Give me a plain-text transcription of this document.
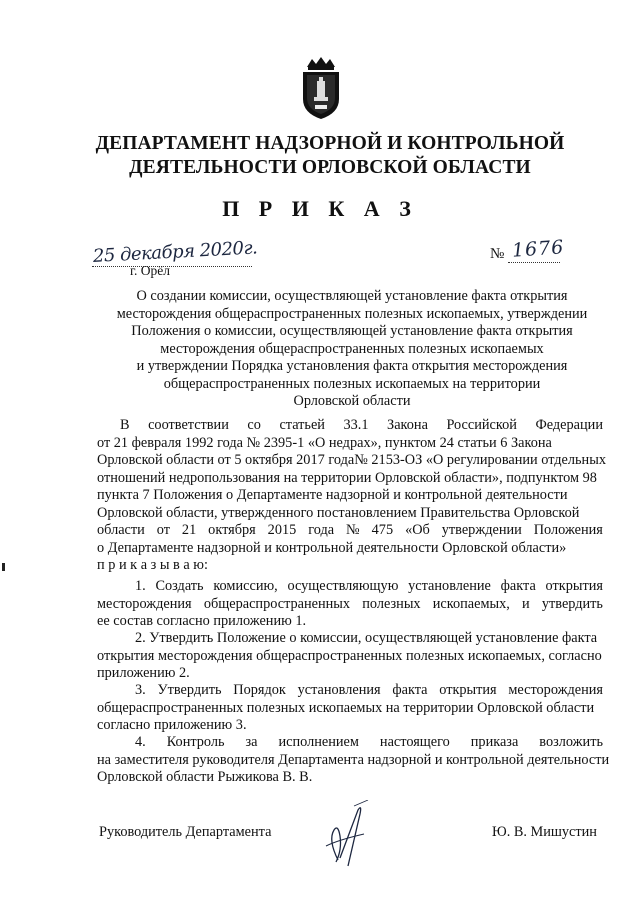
ДЕПАРТАМЕНТ НАДЗОРНОЙ И КОНТРОЛЬНОЙ
ДЕЯТЕЛЬНОСТИ ОРЛОВСКОЙ ОБЛАСТИ
П Р И К А З
25 декабря 2020г.
г. Орёл
№ 1676
О создании комиссии, осуществляющей установление факта открытия
месторождения общераспространенных полезных ископаемых, утверждении
Положения о комиссии, осуществляющей установление факта открытия
месторождения общераспространенных полезных ископаемых
и утверждении Порядка установления факта открытия месторождения
общераспространенных полезных ископаемых на территории
Орловской области
В соответствии со статьей 33.1 Закона Российской Федерации
от 21 февраля 1992 года № 2395-1 «О недрах», пунктом 24 статьи 6 Закона
Орловской области от 5 октября 2017 года№ 2153-ОЗ «О регулировании отдельных
отношений недропользования на территории Орловской области», подпунктом 98
пункта 7 Положения о Департаменте надзорной и контрольной деятельности
Орловской области, утвержденного постановлением Правительства Орловской
области от 21 октября 2015 года № 475 «Об утверждении Положения
о Департаменте надзорной и контрольной деятельности Орловской области»
п р и к а з ы в а ю:
1. Создать комиссию, осуществляющую установление факта открытия
месторождения общераспространенных полезных ископаемых, и утвердить
ее состав согласно приложению 1.
2. Утвердить Положение о комиссии, осуществляющей установление факта
открытия месторождения общераспространенных полезных ископаемых, согласно
приложению 2.
3. Утвердить Порядок установления факта открытия месторождения
общераспространенных полезных ископаемых на территории Орловской области
согласно приложению 3.
4. Контроль за исполнением настоящего приказа возложить
на заместителя руководителя Департамента надзорной и контрольной деятельности
Орловской области Рыжикова В. В.
Руководитель Департамента	Ю. В. Мишустин
